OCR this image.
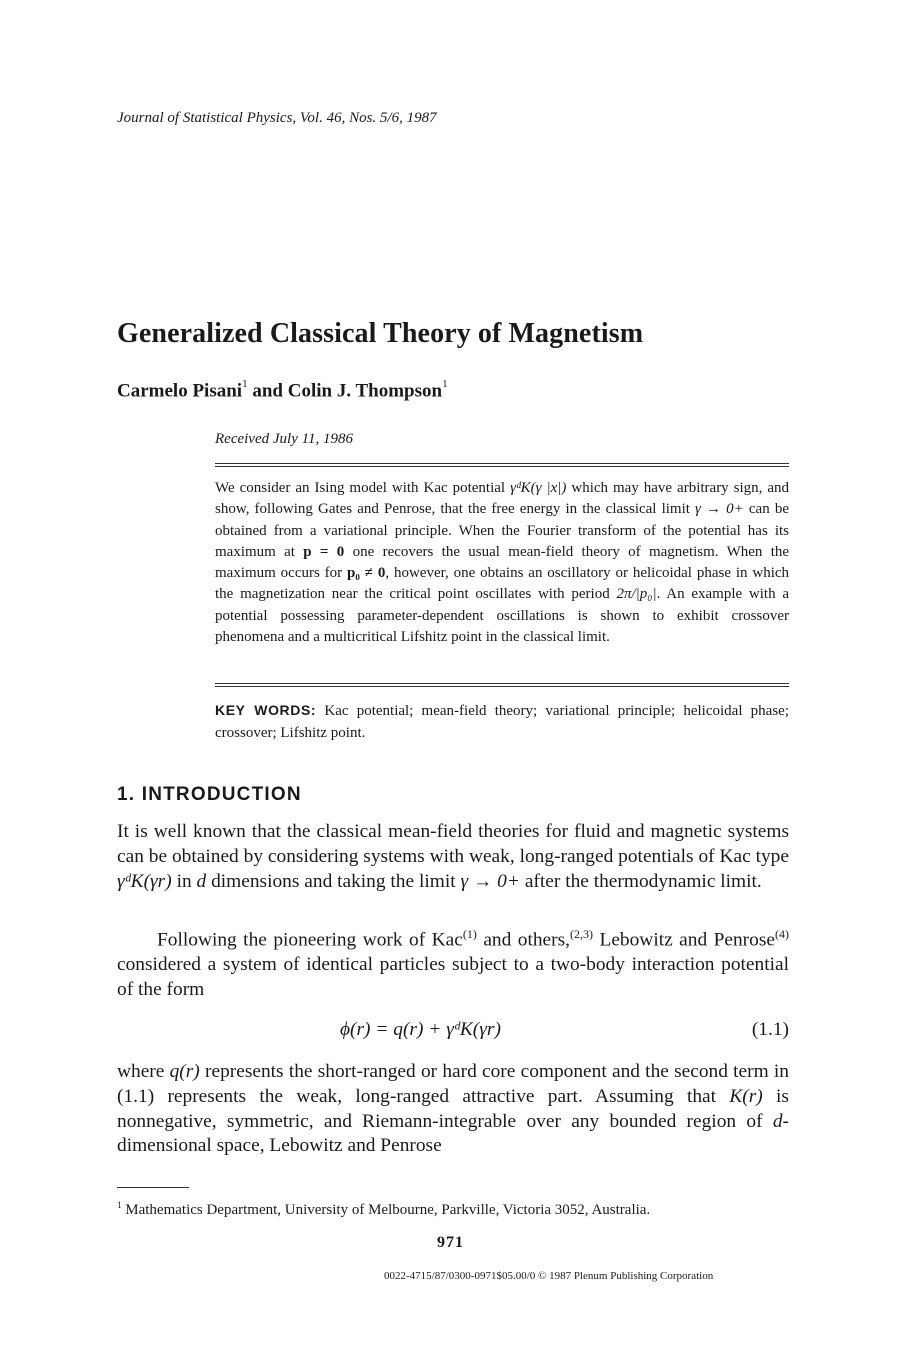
Journal of Statistical Physics, Vol. 46, Nos. 5/6, 1987
Generalized Classical Theory of Magnetism
Carmelo Pisani$^1$ and Colin J. Thompson$^1$
Received July 11, 1986
We consider an Ising model with Kac potential γᵈK(γ |x|) which may have arbitrary sign, and show, following Gates and Penrose, that the free energy in the classical limit γ → 0+ can be obtained from a variational principle. When the Fourier transform of the potential has its maximum at p = 0 one recovers the usual mean-field theory of magnetism. When the maximum occurs for p₀ ≠ 0, however, one obtains an oscillatory or helicoidal phase in which the magnetization near the critical point oscillates with period 2π/|p₀|. An example with a potential possessing parameter-dependent oscillations is shown to exhibit crossover phenomena and a multicritical Lifshitz point in the classical limit.
KEY WORDS: Kac potential; mean-field theory; variational principle; helicoidal phase; crossover; Lifshitz point.
1. INTRODUCTION
It is well known that the classical mean-field theories for fluid and magnetic systems can be obtained by considering systems with weak, long-ranged potentials of Kac type γᵈK(γr) in d dimensions and taking the limit γ → 0+ after the thermodynamic limit.
Following the pioneering work of Kac$^{(1)}$ and others,$^{(2,3)}$ Lebowitz and Penrose$^{(4)}$ considered a system of identical particles subject to a two-body interaction potential of the form
ϕ(r) = q(r) + γᵈK(γr)	(1.1)
where q(r) represents the short-ranged or hard core component and the second term in (1.1) represents the weak, long-ranged attractive part. Assuming that K(r) is nonnegative, symmetric, and Riemann-integrable over any bounded region of d-dimensional space, Lebowitz and Penrose
$^1$ Mathematics Department, University of Melbourne, Parkville, Victoria 3052, Australia.
971
0022-4715/87/0300-0971$05.00/0 © 1987 Plenum Publishing Corporation
